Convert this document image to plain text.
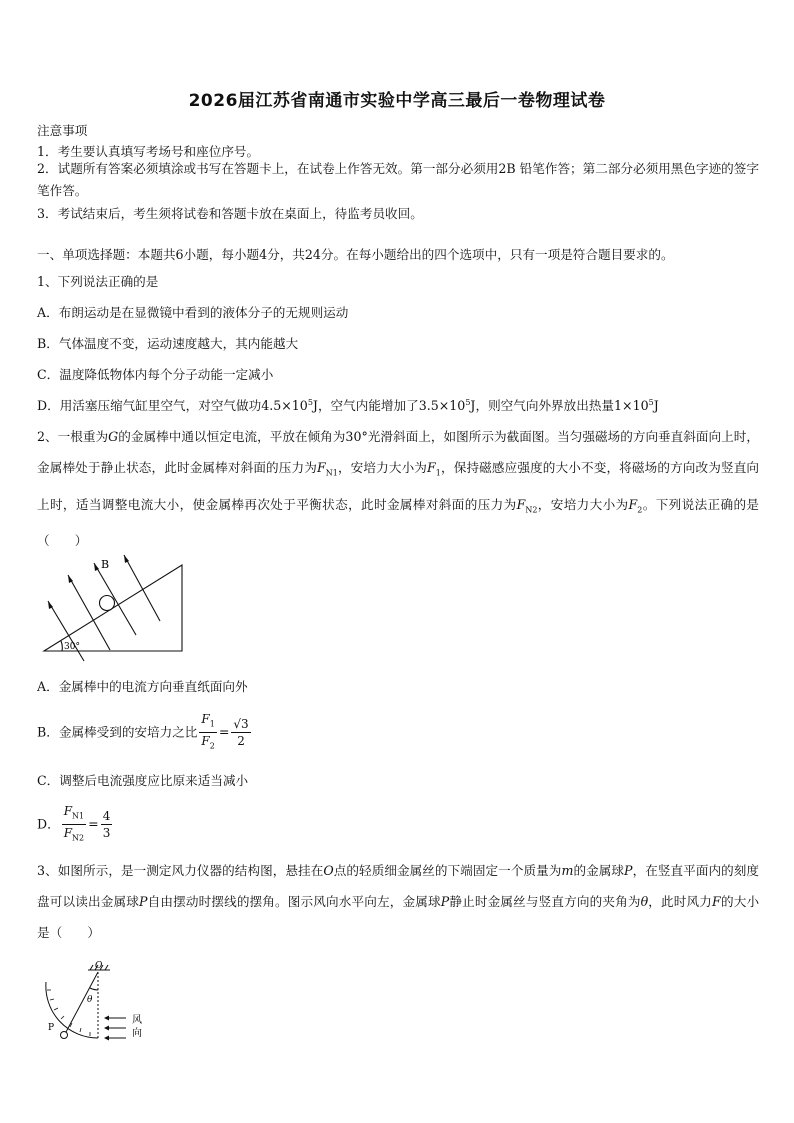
2026届江苏省南通市实验中学高三最后一卷物理试卷
注意事项
1．考生要认真填写考场号和座位序号。
2．试题所有答案必须填涂或书写在答题卡上，在试卷上作答无效。第一部分必须用2B 铅笔作答；第二部分必须用黑色字迹的签字笔作答。
3．考试结束后，考生须将试卷和答题卡放在桌面上，待监考员收回。
一、单项选择题：本题共6小题，每小题4分，共24分。在每小题给出的四个选项中，只有一项是符合题目要求的。
1、下列说法正确的是
A．布朗运动是在显微镜中看到的液体分子的无规则运动
B．气体温度不变，运动速度越大，其内能越大
C．温度降低物体内每个分子动能一定减小
D．用活塞压缩气缸里空气，对空气做功$4.5\times 10^5J$，空气内能增加了$3.5\times 10^5J$，则空气向外界放出热量$1\times 10^5J$
2、一根重为G的金属棒中通以恒定电流，平放在倾角为30°光滑斜面上，如图所示为截面图。当匀强磁场的方向垂直斜面向上时，金属棒处于静止状态，此时金属棒对斜面的压力为$F_{N1}$，安培力大小为$F_1$，保持磁感应强度的大小不变，将磁场的方向改为竖直向上时，适当调整电流大小，使金属棒再次处于平衡状态，此时金属棒对斜面的压力为$F_{N2}$，安培力大小为$F_2$。下列说法正确的是（　　）
B
30°
A．金属棒中的电流方向垂直纸面向外
B．金属棒受到的安培力之比 $\frac{F_1}{F_2} = \frac{√3}{2}$
C．调整后电流强度应比原来适当减小
D． $\frac{F_{N1}}{F_{N2}} = \frac{4}{3}$
3、如图所示，是一测定风力仪器的结构图，悬挂在O点的轻质细金属丝的下端固定一个质量为m的金属球P，在竖直平面内的刻度盘可以读出金属球P自由摆动时摆线的摆角。图示风向水平向左，金属球P静止时金属丝与竖直方向的夹角为θ，此时风力F的大小是（　　）
O
θ
P
风
向
